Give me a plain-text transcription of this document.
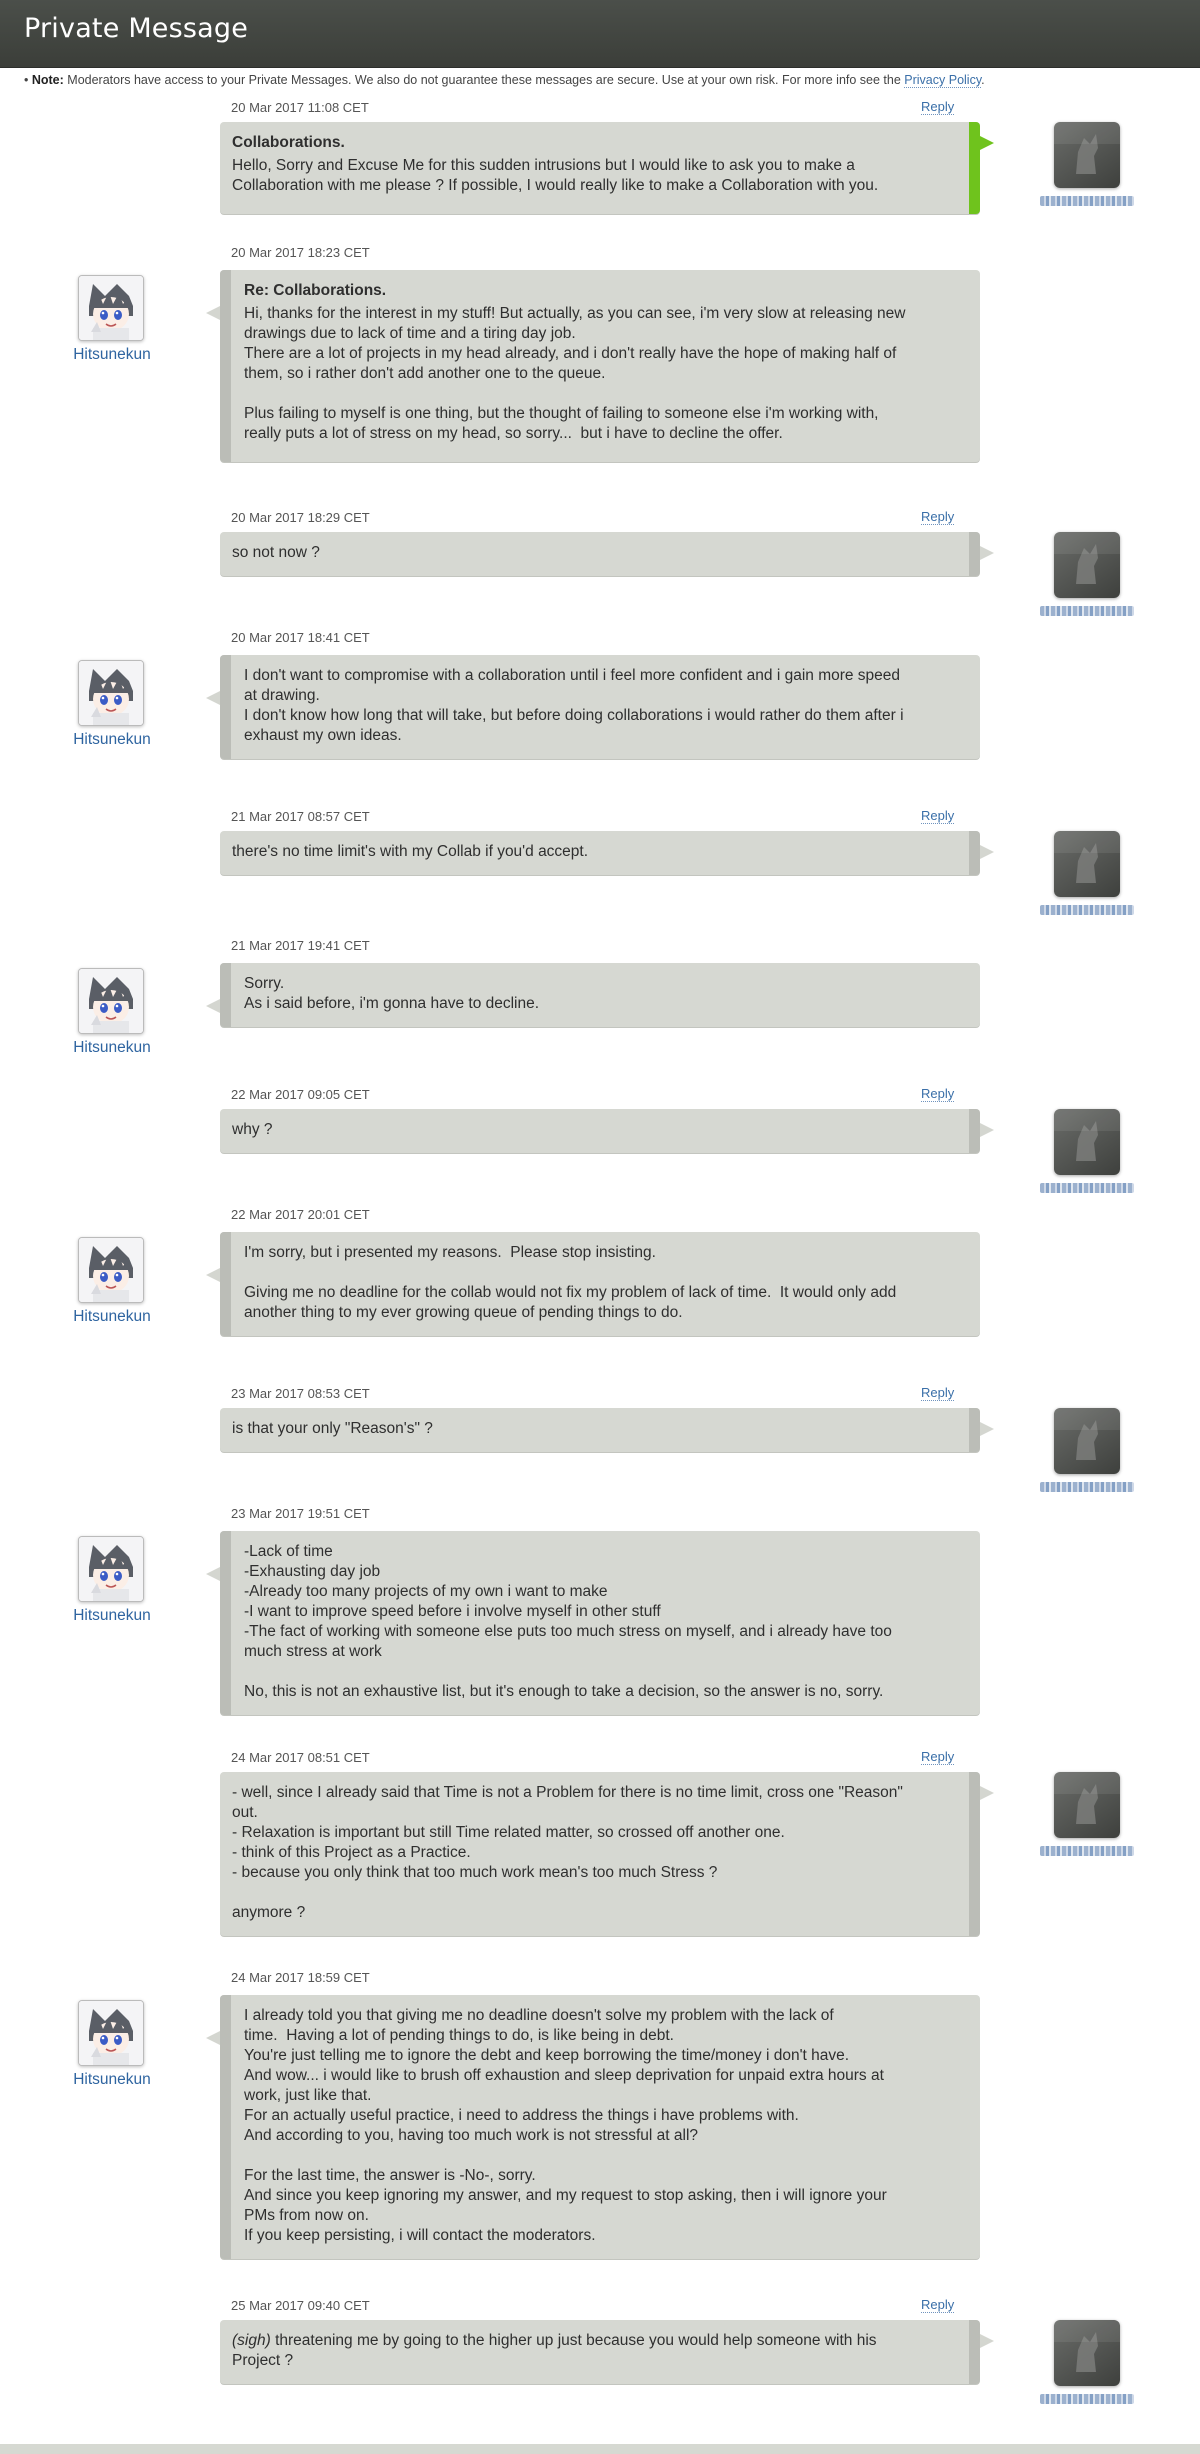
Private Message
• Note: Moderators have access to your Private Messages. We also do not guarantee these messages are secure. Use at your own risk. For more info see the Privacy Policy.
20 Mar 2017 11:08 CET	Reply
Collaborations.
Hello, Sorry and Excuse Me for this sudden intrusions but I would like to ask you to make a
Collaboration with me please ? If possible, I would really like to make a Collaboration with you.
20 Mar 2017 18:23 CET
Re: Collaborations.
Hi, thanks for the interest in my stuff! But actually, as you can see, i'm very slow at releasing new
drawings due to lack of time and a tiring day job.
There are a lot of projects in my head already, and i don't really have the hope of making half of
them, so i rather don't add another one to the queue.
Plus failing to myself is one thing, but the thought of failing to someone else i'm working with,
really puts a lot of stress on my head, so sorry...  but i have to decline the offer.
Hitsunekun
20 Mar 2017 18:29 CET	Reply
so not now ?
20 Mar 2017 18:41 CET
I don't want to compromise with a collaboration until i feel more confident and i gain more speed
at drawing.
I don't know how long that will take, but before doing collaborations i would rather do them after i
exhaust my own ideas.
Hitsunekun
21 Mar 2017 08:57 CET	Reply
there's no time limit's with my Collab if you'd accept.
21 Mar 2017 19:41 CET
Sorry.
As i said before, i'm gonna have to decline.
Hitsunekun
22 Mar 2017 09:05 CET	Reply
why ?
22 Mar 2017 20:01 CET
I'm sorry, but i presented my reasons.  Please stop insisting.
Giving me no deadline for the collab would not fix my problem of lack of time.  It would only add
another thing to my ever growing queue of pending things to do.
Hitsunekun
23 Mar 2017 08:53 CET	Reply
is that your only "Reason's" ?
23 Mar 2017 19:51 CET
-Lack of time
-Exhausting day job
-Already too many projects of my own i want to make
-I want to improve speed before i involve myself in other stuff
-The fact of working with someone else puts too much stress on myself, and i already have too
much stress at work
No, this is not an exhaustive list, but it's enough to take a decision, so the answer is no, sorry.
Hitsunekun
24 Mar 2017 08:51 CET	Reply
- well, since I already said that Time is not a Problem for there is no time limit, cross one "Reason"
out.
- Relaxation is important but still Time related matter, so crossed off another one.
- think of this Project as a Practice.
- because you only think that too much work mean's too much Stress ?
anymore ?
24 Mar 2017 18:59 CET
I already told you that giving me no deadline doesn't solve my problem with the lack of
time.  Having a lot of pending things to do, is like being in debt.
You're just telling me to ignore the debt and keep borrowing the time/money i don't have.
And wow... i would like to brush off exhaustion and sleep deprivation for unpaid extra hours at
work, just like that.
For an actually useful practice, i need to address the things i have problems with.
And according to you, having too much work is not stressful at all?
For the last time, the answer is -No-, sorry.
And since you keep ignoring my answer, and my request to stop asking, then i will ignore your
PMs from now on.
If you keep persisting, i will contact the moderators.
Hitsunekun
25 Mar 2017 09:40 CET	Reply
(sigh) threatening me by going to the higher up just because you would help someone with his
Project ?
